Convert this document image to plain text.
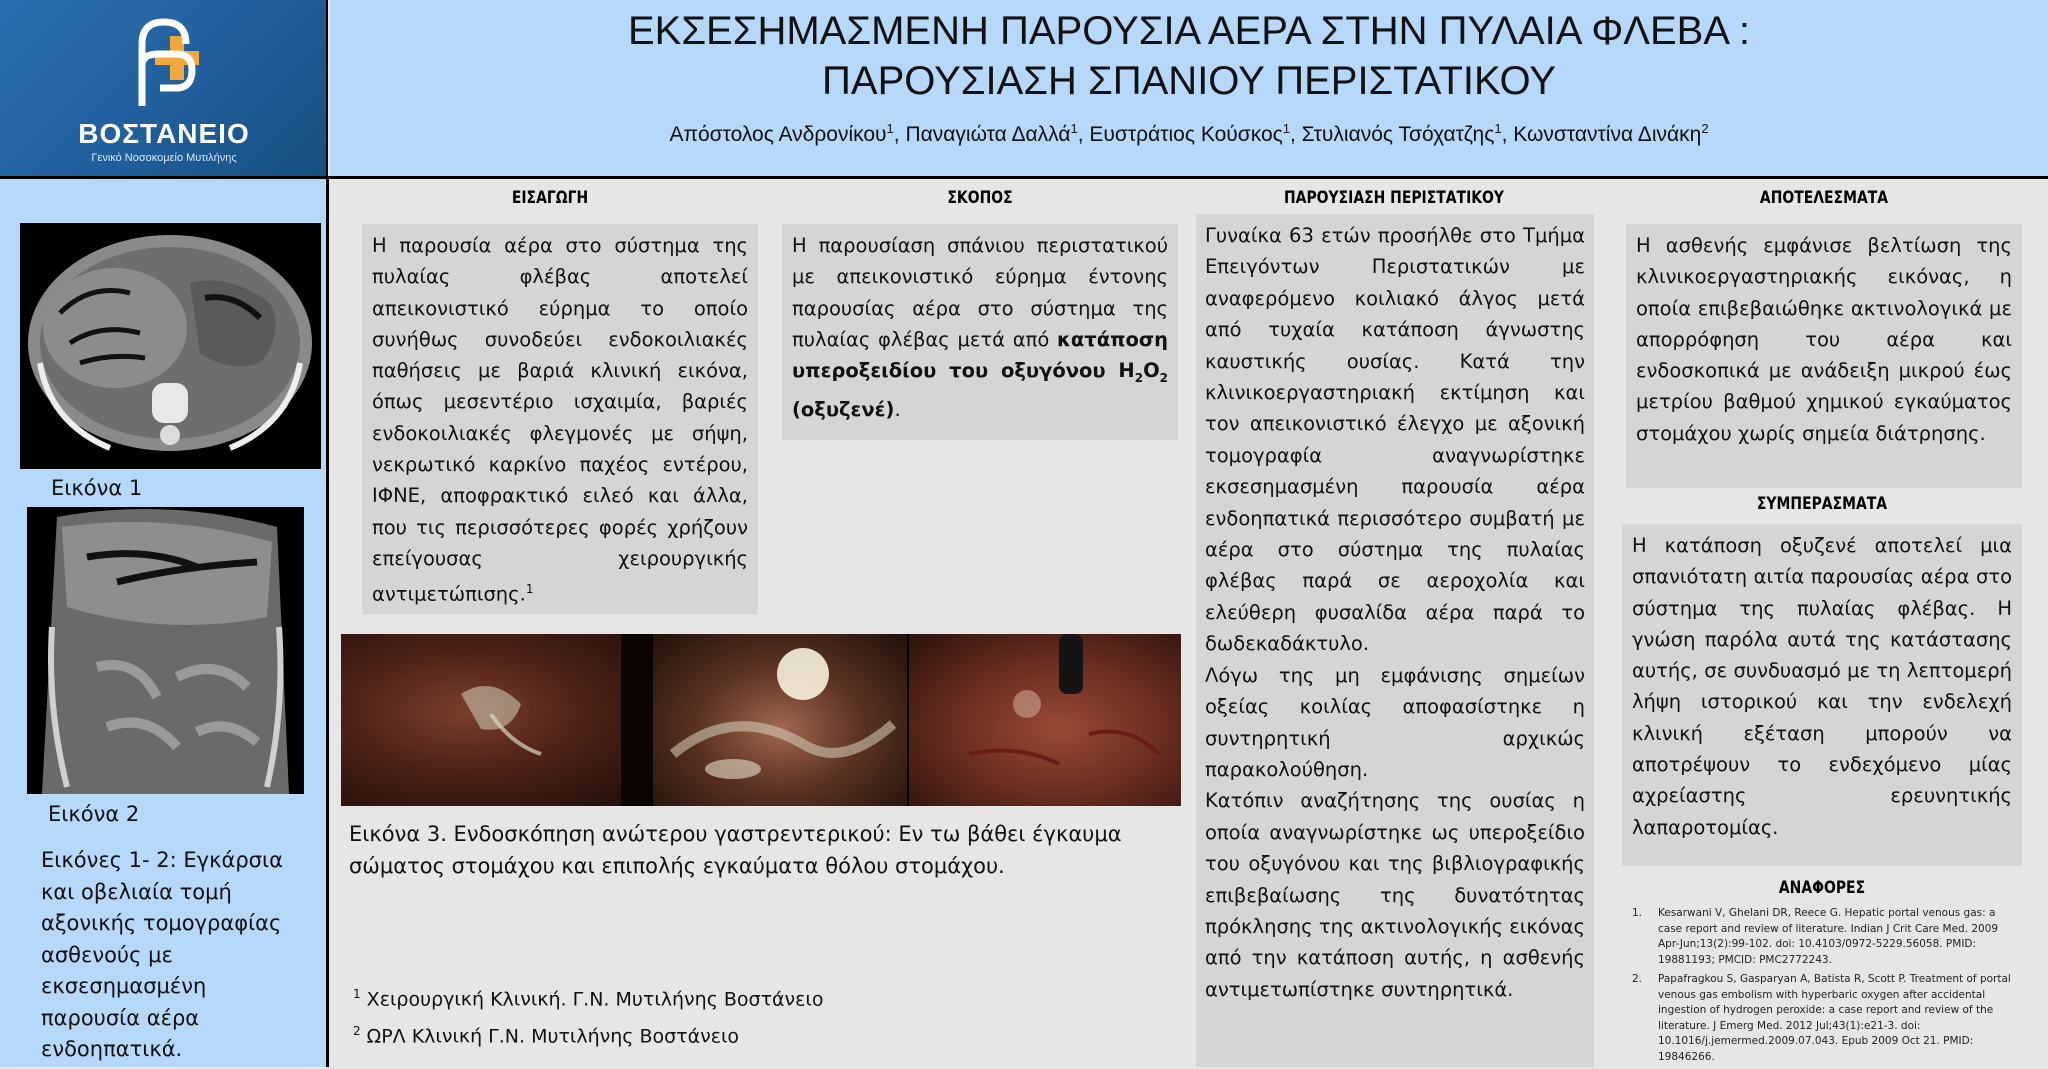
ΒΟΣΤΑΝΕΙΟ
Γενικό Νοσοκομείο Μυτιλήνης
ΕΚΣΕΣΗΜΑΣΜΕΝΗ ΠΑΡΟΥΣΙΑ ΑΕΡΑ ΣΤΗΝ ΠΥΛΑΙΑ ΦΛΕΒΑ :
ΠΑΡΟΥΣΙΑΣΗ ΣΠΑΝΙΟΥ ΠΕΡΙΣΤΑΤΙΚΟΥ
Απόστολος Ανδρονίκου$^1$, Παναγιώτα Δαλλά$^1$, Ευστράτιος Κούσκος$^1$, Στυλιανός Τσόχατζης$^1$, Κωνσταντίνα Δινάκη$^2$
Εικόνα 1
Εικόνα 2
Εικόνες 1- 2: Εγκάρσια και οβελιαία τομή αξονικής τομογραφίας ασθενούς με εκσεσημασμένη παρουσία αέρα ενδοηπατικά.
ΕΙΣΑΓΩΓΗ

Η παρουσία αέρα στο σύστημα της πυλαίας φλέβας αποτελεί απεικονιστικό εύρημα το οποίο συνήθως συνοδεύει ενδοκοιλιακές παθήσεις με βαριά κλινική εικόνα, όπως μεσεντέριο ισχαιμία, βαριές ενδοκοιλιακές φλεγμονές με σήψη, νεκρωτικό καρκίνο παχέος εντέρου, ΙΦΝΕ, αποφρακτικό ειλεό και άλλα, που τις περισσότερες φορές χρήζουν επείγουσας χειρουργικής αντιμετώπισης.$^1$

ΣΚΟΠΟΣ

Η παρουσίαση σπάνιου περιστατικού με απεικονιστικό εύρημα έντονης παρουσίας αέρα στο σύστημα της πυλαίας φλέβας μετά από κατάποση υπεροξειδίου του οξυγόνου $H_2O_2$ (οξυζενέ).

ΠΑΡΟΥΣΙΑΣΗ ΠΕΡΙΣΤΑΤΙΚΟΥ

Γυναίκα 63 ετών προσήλθε στο Τμήμα Επειγόντων Περιστατικών με αναφερόμενο κοιλιακό άλγος μετά από τυχαία κατάποση άγνωστης καυστικής ουσίας. Κατά την κλινικοεργαστηριακή εκτίμηση και τον απεικονιστικό έλεγχο με αξονική τομογραφία αναγνωρίστηκε εκσεσημασμένη παρουσία αέρα ενδοηπατικά περισσότερο συμβατή με αέρα στο σύστημα της πυλαίας φλέβας παρά σε αεροχολία και ελεύθερη φυσαλίδα αέρα παρά το δωδεκαδάκτυλο.

Λόγω της μη εμφάνισης σημείων οξείας κοιλίας αποφασίστηκε η συντηρητική αρχικώς παρακολούθηση.

Κατόπιν αναζήτησης της ουσίας η οποία αναγνωρίστηκε ως υπεροξείδιο του οξυγόνου και της βιβλιογραφικής επιβεβαίωσης της δυνατότητας πρόκλησης της ακτινολογικής εικόνας από την κατάποση αυτής, η ασθενής αντιμετωπίστηκε συντηρητικά.

ΑΠΟΤΕΛΕΣΜΑΤΑ

Η ασθενής εμφάνισε βελτίωση της κλινικοεργαστηριακής εικόνας, η οποία επιβεβαιώθηκε ακτινολογικά με απορρόφηση του αέρα και ενδοσκοπικά με ανάδειξη μικρού έως μετρίου βαθμού χημικού εγκαύματος στομάχου χωρίς σημεία διάτρησης.

ΣΥΜΠΕΡΑΣΜΑΤΑ

Η κατάποση οξυζενέ αποτελεί μια σπανιότατη αιτία παρουσίας αέρα στο σύστημα της πυλαίας φλέβας. Η γνώση παρόλα αυτά της κατάστασης αυτής, σε συνδυασμό με τη λεπτομερή λήψη ιστορικού και την ενδελεχή κλινική εξέταση μπορούν να αποτρέψουν το ενδεχόμενο μίας αχρείαστης ερευνητικής λαπαροτομίας.

ΑΝΑΦΟΡΕΣ
1. Kesarwani V, Ghelani DR, Reece G. Hepatic portal venous gas: a case report and review of literature. Indian J Crit Care Med. 2009 Apr-Jun;13(2):99-102. doi: 10.4103/0972-5229.56058. PMID: 19881193; PMCID: PMC2772243.
2. Papafragkou S, Gasparyan A, Batista R, Scott P. Treatment of portal venous gas embolism with hyperbaric oxygen after accidental ingestion of hydrogen peroxide: a case report and review of the literature. J Emerg Med. 2012 Jul;43(1):e21-3. doi: 10.1016/j.jemermed.2009.07.043. Epub 2009 Oct 21. PMID: 19846266.
Εικόνα 3. Ενδοσκόπηση ανώτερου γαστρεντερικού: Εν τω βάθει έγκαυμα σώματος στομάχου και επιπολής εγκαύματα θόλου στομάχου.
$^1$ Χειρουργική Κλινική. Γ.Ν. Μυτιλήνης Βοστάνειο
$^2$ ΩΡΛ Κλινική Γ.Ν. Μυτιλήνης Βοστάνειο
